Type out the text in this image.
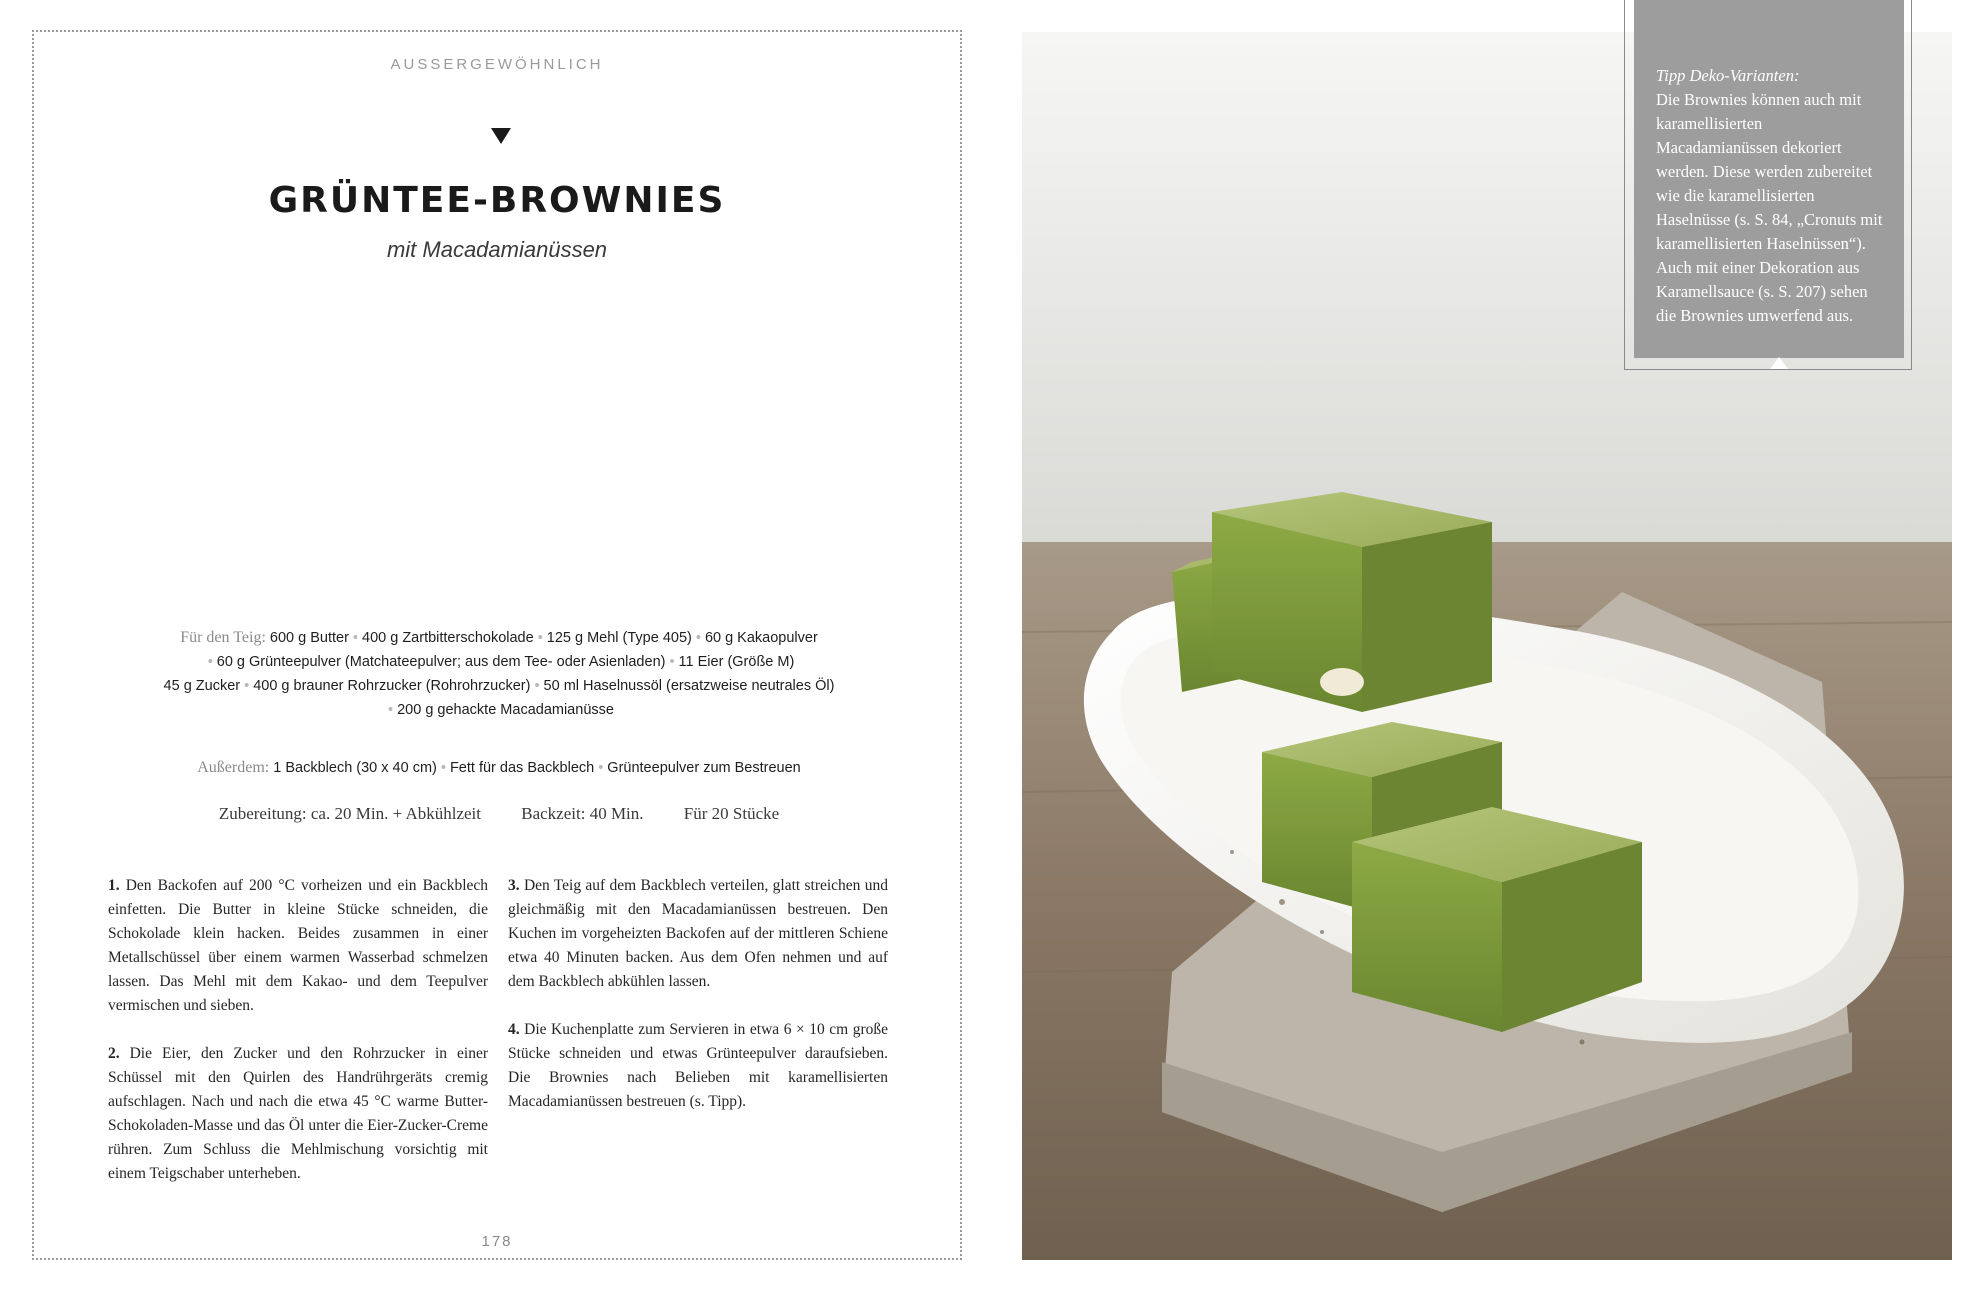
AUSSERGEWÖHNLICH
GRÜNTEE-BROWNIES
mit Macadamianüssen
Für den Teig: 600 g Butter • 400 g Zartbitterschokolade • 125 g Mehl (Type 405) • 60 g Kakaopulver
• 60 g Grünteepulver (Matchateepulver; aus dem Tee- oder Asienladen) • 11 Eier (Größe M)
45 g Zucker • 400 g brauner Rohrzucker (Rohrohrzucker) • 50 ml Haselnussöl (ersatzweise neutrales Öl)
• 200 g gehackte Macadamianüsse
Außerdem: 1 Backblech (30 x 40 cm) • Fett für das Backblech • Grünteepulver zum Bestreuen
Zubereitung: ca. 20 Min. + Abkühlzeit Backzeit: 40 Min. Für 20 Stücke

1. Den Backofen auf 200 °C vorheizen und ein Backblech einfetten. Die Butter in kleine Stücke schneiden, die Schokolade klein hacken. Beides zusammen in einer Metallschüssel über einem warmen Wasserbad schmelzen lassen. Das Mehl mit dem Kakao- und dem Teepulver vermischen und sieben.

2. Die Eier, den Zucker und den Rohrzucker in einer Schüssel mit den Quirlen des Handrührgeräts cremig aufschlagen. Nach und nach die etwa 45 °C warme Butter-Schokoladen-Masse und das Öl unter die Eier-Zucker-Creme rühren. Zum Schluss die Mehlmischung vorsichtig mit einem Teigschaber unterheben.

3. Den Teig auf dem Backblech verteilen, glatt streichen und gleichmäßig mit den Macadamianüssen bestreuen. Den Kuchen im vorgeheizten Backofen auf der mittleren Schiene etwa 40 Minuten backen. Aus dem Ofen nehmen und auf dem Backblech abkühlen lassen.

4. Die Kuchenplatte zum Servieren in etwa 6 × 10 cm große Stücke schneiden und etwas Grünteepulver daraufsieben. Die Brownies nach Belieben mit karamellisierten Macadamianüssen bestreuen (s. Tipp).

178
Tipp Deko-Varianten:
Die Brownies können auch mit karamellisierten Macadamianüssen dekoriert werden. Diese werden zubereitet wie die karamellisierten Haselnüsse (s. S. 84, „Cronuts mit karamellisierten Haselnüssen“). Auch mit einer Dekoration aus Karamellsauce (s. S. 207) sehen die Brownies umwerfend aus.
